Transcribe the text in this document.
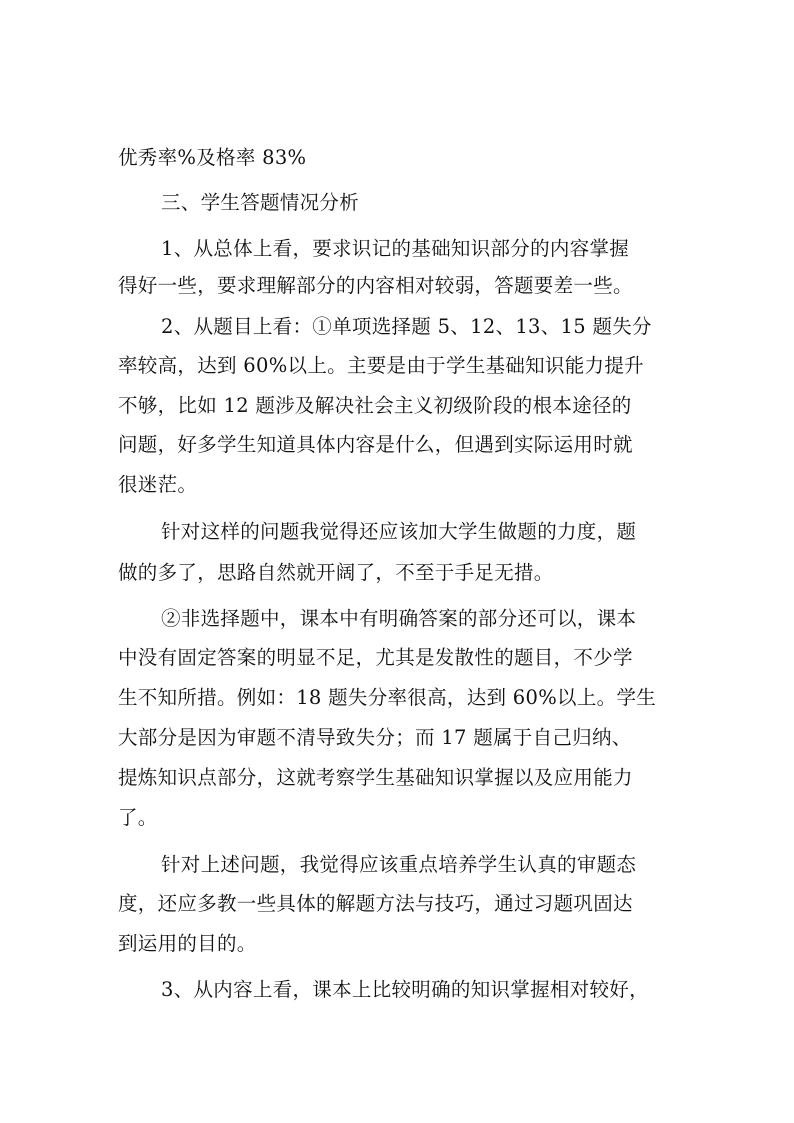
优秀率%及格率 83%
三、学生答题情况分析
1、从总体上看，要求识记的基础知识部分的内容掌握
得好一些，要求理解部分的内容相对较弱，答题要差一些。
2、从题目上看：①单项选择题 5、12、13、15 题失分
率较高，达到 60%以上。主要是由于学生基础知识能力提升
不够，比如 12 题涉及解决社会主义初级阶段的根本途径的
问题，好多学生知道具体内容是什么，但遇到实际运用时就
很迷茫。
针对这样的问题我觉得还应该加大学生做题的力度，题
做的多了，思路自然就开阔了，不至于手足无措。
②非选择题中，课本中有明确答案的部分还可以，课本
中没有固定答案的明显不足，尤其是发散性的题目，不少学
生不知所措。例如：18 题失分率很高，达到 60%以上。学生
大部分是因为审题不清导致失分；而 17 题属于自己归纳、
提炼知识点部分，这就考察学生基础知识掌握以及应用能力
了。
针对上述问题，我觉得应该重点培养学生认真的审题态
度，还应多教一些具体的解题方法与技巧，通过习题巩固达
到运用的目的。
3、从内容上看，课本上比较明确的知识掌握相对较好，
